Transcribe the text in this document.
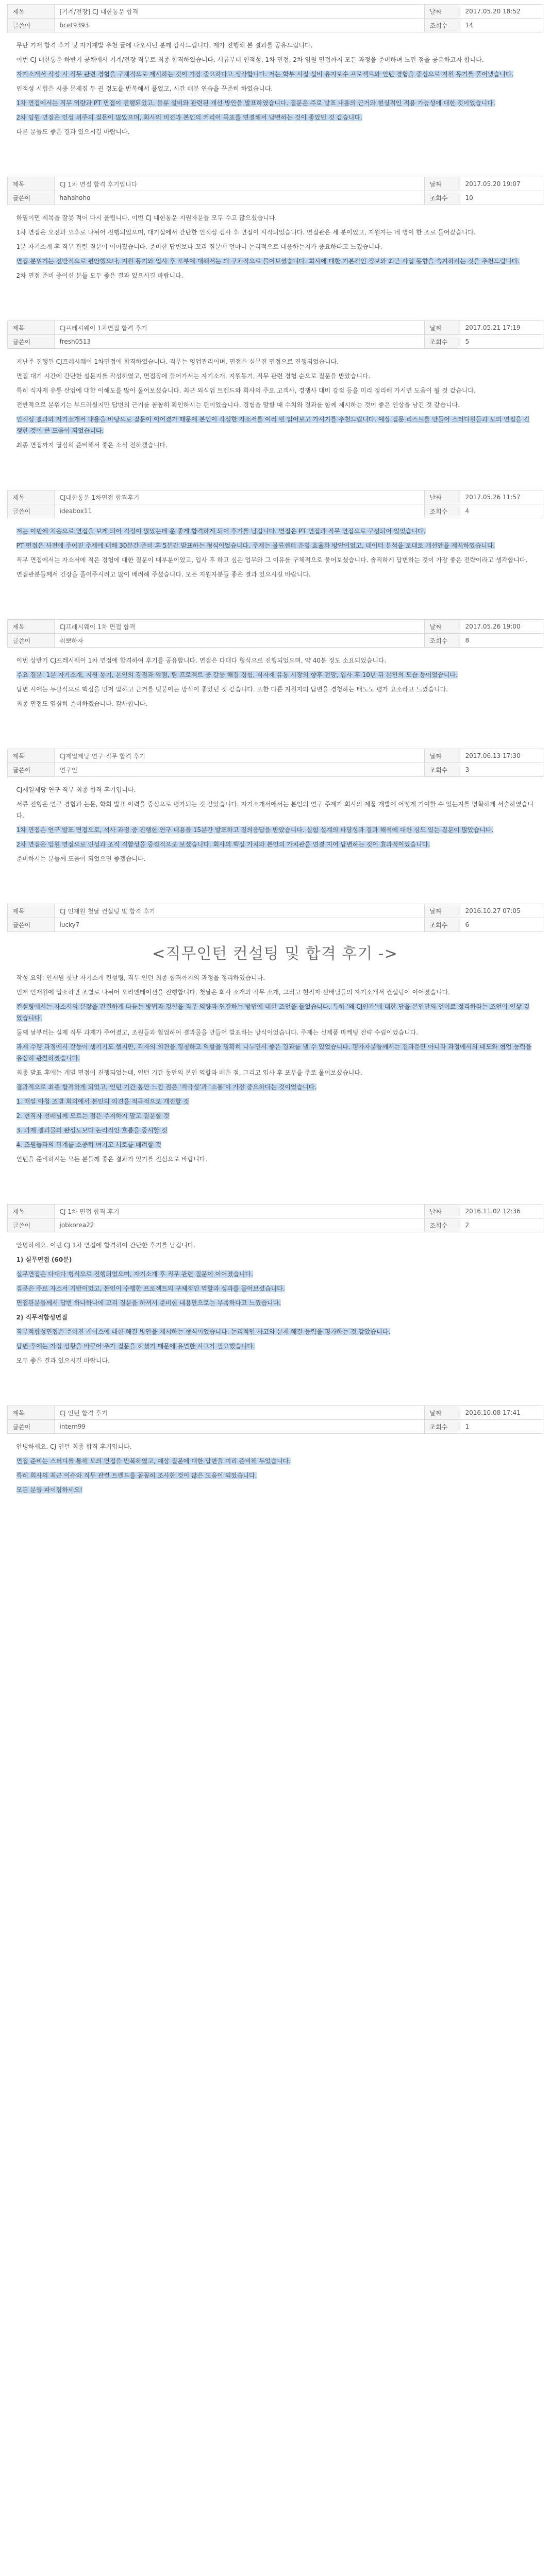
제목	[기계/전장] CJ 대한통운 합격	날짜	2017.05.20 18:52
글쓴이	bcet9393	조회수	14

무단 기재 합격 후기 및 자기계발 추천 글에 나오시던 분께 감사드립니다. 제가 진행해 본 결과를 공유드립니다.

이번 CJ 대한통운 하반기 공채에서 기계/전장 직무로 최종 합격하였습니다. 서류부터 인적성, 1차 면접, 2차 임원 면접까지 모든 과정을 준비하며 느낀 점을 공유하고자 합니다.

자기소개서 작성 시 직무 관련 경험을 구체적으로 제시하는 것이 가장 중요하다고 생각합니다. 저는 학부 시절 설비 유지보수 프로젝트와 인턴 경험을 중심으로 지원 동기를 풀어냈습니다.

인적성 시험은 시중 문제집 두 권 정도를 반복해서 풀었고, 시간 배분 연습을 꾸준히 하였습니다.

1차 면접에서는 직무 역량과 PT 면접이 진행되었고, 물류 설비와 관련된 개선 방안을 발표하였습니다. 질문은 주로 발표 내용의 근거와 현실적인 적용 가능성에 대한 것이었습니다.

2차 임원 면접은 인성 위주의 질문이 많았으며, 회사의 비전과 본인의 커리어 목표를 연결해서 답변하는 것이 좋았던 것 같습니다.

다른 분들도 좋은 결과 있으시길 바랍니다.

제목	CJ 1차 면접 합격 후기입니다	날짜	2017.05.20 19:07
글쓴이	hahahoho	조회수	10

하필이면 제목을 잘못 적어 다시 올립니다. 이번 CJ 대한통운 지원자분들 모두 수고 많으셨습니다.

1차 면접은 오전과 오후로 나뉘어 진행되었으며, 대기실에서 간단한 인적성 검사 후 면접이 시작되었습니다. 면접관은 세 분이었고, 지원자는 네 명이 한 조로 들어갔습니다.

1분 자기소개 후 직무 관련 질문이 이어졌습니다. 준비한 답변보다 꼬리 질문에 얼마나 논리적으로 대응하는지가 중요하다고 느꼈습니다.

면접 분위기는 전반적으로 편안했으나, 지원 동기와 입사 후 포부에 대해서는 꽤 구체적으로 물어보셨습니다. 회사에 대한 기본적인 정보와 최근 사업 동향을 숙지하시는 것을 추천드립니다.

2차 면접 준비 중이신 분들 모두 좋은 결과 있으시길 바랍니다.

제목	CJ프레시웨이 1차면접 합격 후기	날짜	2017.05.21 17:19
글쓴이	fresh0513	조회수	5

지난주 진행된 CJ프레시웨이 1차면접에 합격하였습니다. 직무는 영업관리이며, 면접은 실무진 면접으로 진행되었습니다.

면접 대기 시간에 간단한 설문지를 작성하였고, 면접장에 들어가서는 자기소개, 지원동기, 직무 관련 경험 순으로 질문을 받았습니다.

특히 식자재 유통 산업에 대한 이해도를 많이 물어보셨습니다. 최근 외식업 트렌드와 회사의 주요 고객사, 경쟁사 대비 강점 등을 미리 정리해 가시면 도움이 될 것 같습니다.

전반적으로 분위기는 부드러웠지만 답변의 근거를 꼼꼼히 확인하시는 편이었습니다. 경험을 말할 때 수치와 결과를 함께 제시하는 것이 좋은 인상을 남긴 것 같습니다.

인적성 결과와 자기소개서 내용을 바탕으로 질문이 이어졌기 때문에 본인이 작성한 자소서를 여러 번 읽어보고 가시기를 추천드립니다. 예상 질문 리스트를 만들어 스터디원들과 모의 면접을 진행한 것이 큰 도움이 되었습니다.

최종 면접까지 열심히 준비해서 좋은 소식 전하겠습니다.

제목	CJ대한통운 1차면접 합격후기	날짜	2017.05.26 11:57
글쓴이	ideabox11	조회수	4

저는 이번에 처음으로 면접을 보게 되어 걱정이 많았는데 운 좋게 합격하게 되어 후기를 남깁니다. 면접은 PT 면접과 직무 면접으로 구성되어 있었습니다.

PT 면접은 사전에 주어진 주제에 대해 30분간 준비 후 5분간 발표하는 형식이었습니다. 주제는 물류센터 운영 효율화 방안이었고, 데이터 분석을 토대로 개선안을 제시하였습니다.

직무 면접에서는 자소서에 적은 경험에 대한 질문이 대부분이었고, 입사 후 하고 싶은 업무와 그 이유를 구체적으로 물어보셨습니다. 솔직하게 답변하는 것이 가장 좋은 전략이라고 생각합니다.

면접관분들께서 긴장을 풀어주시려고 많이 배려해 주셨습니다. 모든 지원자분들 좋은 결과 있으시길 바랍니다.

제목	CJ프레시웨이 1차 면접 합격	날짜	2017.05.26 19:00
글쓴이	취뽀하자	조회수	8

이번 상반기 CJ프레시웨이 1차 면접에 합격하여 후기를 공유합니다. 면접은 다대다 형식으로 진행되었으며, 약 40분 정도 소요되었습니다.

주요 질문: 1분 자기소개, 지원 동기, 본인의 강점과 약점, 팀 프로젝트 중 갈등 해결 경험, 식자재 유통 시장의 향후 전망, 입사 후 10년 뒤 본인의 모습 등이었습니다.

답변 시에는 두괄식으로 핵심을 먼저 말하고 근거를 덧붙이는 방식이 좋았던 것 같습니다. 또한 다른 지원자의 답변을 경청하는 태도도 평가 요소라고 느꼈습니다.

최종 면접도 열심히 준비하겠습니다. 감사합니다.

제목	CJ제일제당 연구 직무 합격 후기	날짜	2017.06.13 17:30
글쓴이	연구인	조회수	3

CJ제일제당 연구 직무 최종 합격 후기입니다.

서류 전형은 연구 경험과 논문, 학회 발표 이력을 중심으로 평가되는 것 같았습니다. 자기소개서에서는 본인의 연구 주제가 회사의 제품 개발에 어떻게 기여할 수 있는지를 명확하게 서술하였습니다.

1차 면접은 연구 발표 면접으로, 석사 과정 중 진행한 연구 내용을 15분간 발표하고 질의응답을 받았습니다. 실험 설계의 타당성과 결과 해석에 대한 심도 있는 질문이 많았습니다.

2차 면접은 임원 면접으로 인성과 조직 적합성을 중점적으로 보셨습니다. 회사의 핵심 가치와 본인의 가치관을 연결 지어 답변하는 것이 효과적이었습니다.

준비하시는 분들께 도움이 되었으면 좋겠습니다.

제목	CJ 인재원 첫날 컨설팅 및 합격 후기	날짜	2016.10.27 07:05
글쓴이	lucky7	조회수	6
<직무인턴 컨설팅 및 합격 후기 ->

작성 요약: 인재원 첫날 자기소개 컨설팅, 직무 인턴 최종 합격까지의 과정을 정리하였습니다.

먼저 인재원에 입소하면 조별로 나뉘어 오리엔테이션을 진행합니다. 첫날은 회사 소개와 직무 소개, 그리고 현직자 선배님들의 자기소개서 컨설팅이 이어졌습니다.

컨설팅에서는 자소서의 문장을 간결하게 다듬는 방법과 경험을 직무 역량과 연결하는 방법에 대한 조언을 들었습니다. 특히 ‘왜 CJ인가’에 대한 답을 본인만의 언어로 정리하라는 조언이 인상 깊었습니다.

둘째 날부터는 실제 직무 과제가 주어졌고, 조원들과 협업하여 결과물을 만들어 발표하는 방식이었습니다. 주제는 신제품 마케팅 전략 수립이었습니다.

과제 수행 과정에서 갈등이 생기기도 했지만, 각자의 의견을 경청하고 역할을 명확히 나누면서 좋은 결과를 낼 수 있었습니다. 평가자분들께서는 결과뿐만 아니라 과정에서의 태도와 협업 능력을 유심히 관찰하셨습니다.

최종 발표 후에는 개별 면접이 진행되었는데, 인턴 기간 동안의 본인 역할과 배운 점, 그리고 입사 후 포부를 주로 물어보셨습니다.

결과적으로 최종 합격하게 되었고, 인턴 기간 동안 느낀 점은 ‘적극성’과 ‘소통’이 가장 중요하다는 것이었습니다.

1. 매일 아침 조별 회의에서 본인의 의견을 적극적으로 개진할 것

2. 현직자 선배님께 모르는 점은 주저하지 말고 질문할 것

3. 과제 결과물의 완성도보다 논리적인 흐름을 중시할 것

4. 조원들과의 관계를 소중히 여기고 서로를 배려할 것

인턴을 준비하시는 모든 분들께 좋은 결과가 있기를 진심으로 바랍니다.

제목	CJ 1차 면접 합격 후기	날짜	2016.11.02 12:36
글쓴이	jobkorea22	조회수	2

안녕하세요. 이번 CJ 1차 면접에 합격하여 간단한 후기를 남깁니다.

1) 실무면접 (60분)

실무면접은 다대다 형식으로 진행되었으며, 자기소개 후 직무 관련 질문이 이어졌습니다.

질문은 주로 자소서 기반이었고, 본인이 수행한 프로젝트의 구체적인 역할과 성과를 물어보셨습니다.

면접관분들께서 답변 하나하나에 꼬리 질문을 하셔서 준비한 내용만으로는 부족하다고 느꼈습니다.

2) 직무적합성면접

직무적합성면접은 주어진 케이스에 대한 해결 방안을 제시하는 형식이었습니다. 논리적인 사고와 문제 해결 능력을 평가하는 것 같았습니다.

답변 후에는 가정 상황을 바꾸어 추가 질문을 하셨기 때문에 유연한 사고가 필요했습니다.

모두 좋은 결과 있으시길 바랍니다.

제목	CJ 인턴 합격 후기	날짜	2016.10.08 17:41
글쓴이	intern99	조회수	1

안녕하세요. CJ 인턴 최종 합격 후기입니다.

면접 준비는 스터디를 통해 모의 면접을 반복하였고, 예상 질문에 대한 답변을 미리 준비해 두었습니다.

특히 회사의 최근 이슈와 직무 관련 트렌드를 꼼꼼히 조사한 것이 많은 도움이 되었습니다.

모든 분들 파이팅하세요!
